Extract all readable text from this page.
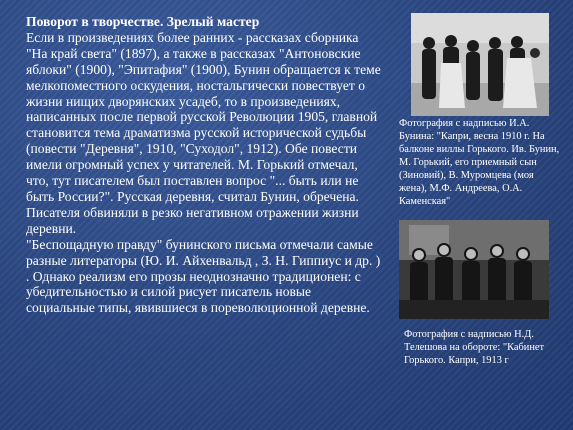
Поворот в творчестве. Зрелый мастер

Если в произведениях более ранних - рассказах сборника "На край света" (1897), а также в рассказах "Антоновские яблоки" (1900), "Эпитафия" (1900), Бунин обращается к теме мелкопоместного оскудения, ностальгически повествует о жизни нищих дворянских усадеб, то в произведениях, написанных после первой русской Революции 1905, главной становится тема драматизма русской исторической судьбы (повести "Деревня", 1910, "Суходол", 1912). Обе повести имели огромный успех у читателей. М. Горький отмечал, что, тут писателем был поставлен вопрос "... быть или не быть России?". Русская деревня, считал Бунин, обречена. Писателя обвиняли в резко негативном отражении жизни деревни.

"Беспощадную правду" бунинского письма отмечали самые разные литераторы (Ю. И. Айхенвальд , З. Н. Гиппиус и др. ) . Однако реализм его прозы неоднозначно традиционен: с убедительностью и силой рисует писатель новые социальные типы, явившиеся в пореволюционной деревне.

Фотография с надписью И.А. Бунина: "Капри, весна 1910 г. На балконе виллы Горького. Ив. Бунин, М. Горький, его приемный сын (Зиновий), В. Муромцева (моя жена), М.Ф. Андреева, О.А. Каменская"
Фотография с надписью Н.Д. Телешова на обороте: "Кабинет Горького. Капри, 1913 г
